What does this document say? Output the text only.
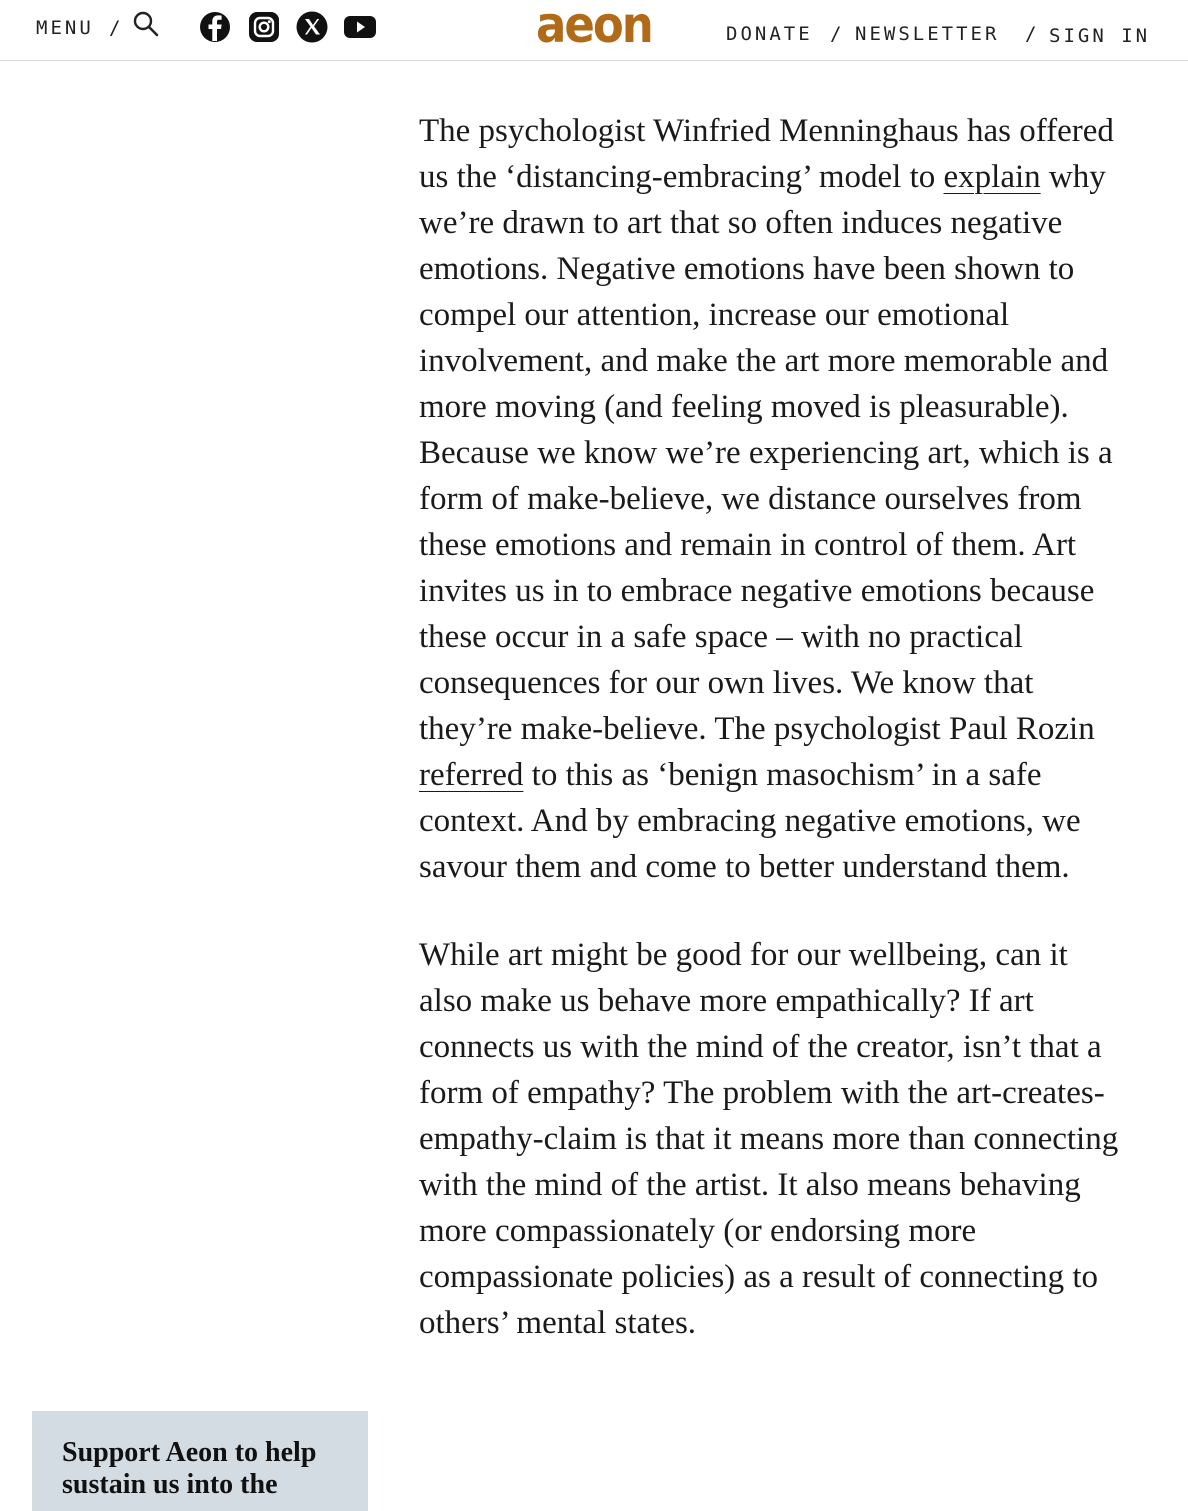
MENU /	aeon	DONATE / NEWSLETTER / SIGN IN

The psychologist Winfried Menninghaus has offered us the ‘distancing-embracing’ model to explain why we’re drawn to art that so often induces negative emotions. Negative emotions have been shown to compel our attention, increase our emotional involvement, and make the art more memorable and more moving (and feeling moved is pleasurable). Because we know we’re experiencing art, which is a form of make-believe, we distance ourselves from these emotions and remain in control of them. Art invites us in to embrace negative emotions because these occur in a safe space – with no practical consequences for our own lives. We know that they’re make-believe. The psychologist Paul Rozin referred to this as ‘benign masochism’ in a safe context. And by embracing negative emotions, we savour them and come to better understand them.

While art might be good for our wellbeing, can it also make us behave more empathically? If art connects us with the mind of the creator, isn’t that a form of empathy? The problem with the art-creates-empathy-claim is that it means more than connecting with the mind of the artist. It also means behaving more compassionately (or endorsing more compassionate policies) as a result of connecting to others’ mental states.

Support Aeon to help sustain us into the
